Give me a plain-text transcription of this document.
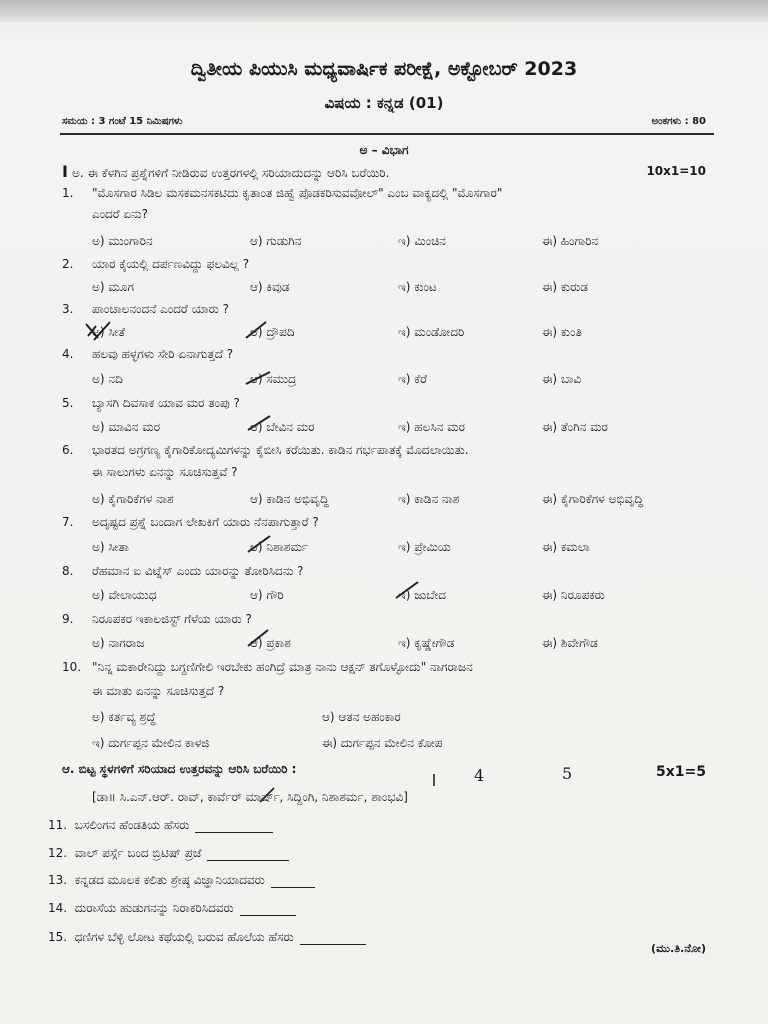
ದ್ವಿತೀಯ ಪಿಯುಸಿ ಮಧ್ಯವಾರ್ಷಿಕ ಪರೀಕ್ಷೆ, ಅಕ್ಟೋಬರ್ 2023
ವಿಷಯ : ಕನ್ನಡ (01)
ಸಮಯ : 3 ಗಂಟೆ 15 ನಿಮಿಷಗಳು	ಅಂಕಗಳು : 80
ಅ – ವಿಭಾಗ
I ಅ. ಈ ಕೆಳಗಿನ ಪ್ರಶ್ನೆಗಳಿಗೆ ನೀಡಿರುವ ಉತ್ತರಗಳಲ್ಲಿ ಸರಿಯಾದುದನ್ನು ಆರಿಸಿ ಬರೆಯಿರಿ.	10x1=10
1. "ಮೊಸಗಾರ ಸಿಡಿಲ ಮಸಕಮನಸಕಟಿದು ಕೃತಾಂತ ಜಿಹ್ವೆ ಪೊಡಕರಿಸುವವೋಲ್" ಎಂಬ ವಾಕ್ಯದಲ್ಲಿ "ಮೊಸಗಾರ"
ಎಂದರೆ ಏನು?
ಅ) ಮುಂಗಾರಿನ	ಆ) ಗುಡುಗಿನ	ಇ) ಮಿಂಚಿನ	ಈ) ಹಿಂಗಾರಿನ
2. ಯಾರ ಕೈಯಲ್ಲಿ ದರ್ಪಣವಿದ್ದು ಫಲವಿಲ್ಲ ?
ಅ) ಮೂಗ	ಆ) ಕಿವುಡ	ಇ) ಕುಂಟ	ಈ) ಕುರುಡ
3. ಪಾಂಚಾಲನಂದನೆ ಎಂದರೆ ಯಾರು ?
ಅ) ಸೀತೆ	ಆ) ದ್ರೌಪದಿ	ಇ) ಮಂಡೋದರಿ	ಈ) ಕುಂತಿ
4. ಹಲವು ಹಳ್ಳಗಳು ಸೇರಿ ಏನಾಗುತ್ತದೆ ?
ಅ) ನದಿ	ಆ) ಸಮುದ್ರ	ಇ) ಕೆರೆ	ಈ) ಬಾವಿ
5. ಬ್ಯಾಸಗಿ ದಿವಸಾಕ ಯಾವ ಮರ ತಂಪು ?
ಅ) ಮಾವಿನ ಮರ	ಆ) ಬೇವಿನ ಮರ	ಇ) ಹಲಸಿನ ಮರ	ಈ) ತೆಂಗಿನ ಮರ
6. ಭಾರತದ ಅಗ್ರಗಣ್ಯ ಕೈಗಾರಿಕೋದ್ಯಮಿಗಳನ್ನು ಕೈಬೀಸಿ ಕರೆಯಿತು. ಕಾಡಿನ ಗರ್ಭಪಾತಕ್ಕೆ ಮೊದಲಾಯಿತು.
ಈ ಸಾಲುಗಳು ಏನನ್ನು ಸೂಚಿಸುತ್ತವೆ ?
ಅ) ಕೈಗಾರಿಕೆಗಳ ನಾಶ	ಆ) ಕಾಡಿನ ಅಭಿವೃದ್ಧಿ	ಇ) ಕಾಡಿನ ನಾಶ	ಈ) ಕೈಗಾರಿಕೆಗಳ ಅಭಿವೃದ್ಧಿ
7. ಅದೃಷ್ಟದ ಪ್ರಶ್ನೆ ಬಂದಾಗ ಲೇಖಕಿಗೆ ಯಾರು ನೆನಪಾಗುತ್ತಾರೆ ?
ಅ) ಸೀತಾ	ಆ) ನಿಶಾಶರ್ಮ	ಇ) ಪ್ರೇಮಿಯ	ಈ) ಕಮಲಾ
8. ರೆಹಮಾನ ಐ ವಿಟ್ನೆಸ್ ಎಂದು ಯಾರನ್ನು ತೋರಿಸಿದನು ?
ಅ) ವೇಲಾಯುಧ	ಆ) ಗೌರಿ	ಇ) ಜುಬೇದ	ಈ) ನಿರೂಪಕರು
9. ನಿರೂಪಕರ ಇಕಾಲಜಿಸ್ಟ್ ಗೆಳೆಯ ಯಾರು ?
ಅ) ನಾಗರಾಜ	ಆ) ಪ್ರಕಾಶ	ಇ) ಕೃಷ್ಣೇಗೌಡ	ಈ) ಶಿವೇಗೌಡ
10. "ನಿನ್ನ ಮಕಾರೇನಿದ್ದು ಬಗ್ದಣಿಗೇಲಿ ಇರಬೇಕು ಹಂಗಿದ್ರೆ ಮಾತ್ರ ನಾನು ಆಕ್ಷನ್ ತಗೊಳ್ಳೋದು" ನಾಗರಾಜನ
ಈ ಮಾತು ಏನನ್ನು ಸೂಚಿಸುತ್ತದೆ ?
ಅ) ಕರ್ತವ್ಯ ಶ್ರದ್ಧೆ	ಆ) ಆತನ ಅಹಂಕಾರ
ಇ) ದುರ್ಗಪ್ಪನ ಮೇಲಿನ ಕಾಳಜಿ	ಈ) ದುರ್ಗಪ್ಪನ ಮೇಲಿನ ಕೋಪ
ಆ. ಬಿಟ್ಟ ಸ್ಥಳಗಳಿಗೆ ಸರಿಯಾದ ಉತ್ತರವನ್ನು ಆರಿಸಿ ಬರೆಯಿರಿ :	5x1=5
4	5
[ಡಾ॥ ಸಿ.ಎನ್.ಆರ್. ರಾವ್, ಕಾರ್ವೆರ್ ಮಾರ್ಷ್, ಸಿದ್ದಿಂಗಿ, ನಿಶಾಶರ್ಮ, ಶಾಂಭವಿ]
11. ಬಸಲಿಂಗನ ಹೆಂಡತಿಯ ಹೆಸರು
12. ವಾಲ್ ಪರ್ಸ್ಗೆ ಬಂದ ಬ್ರಿಟಿಷ್ ಪ್ರಜೆ
13. ಕನ್ನಡದ ಮೂಲಕ ಕಲಿತು ಶ್ರೇಷ್ಠ ವಿಜ್ಞಾನಿಯಾದವರು
14. ದುರಾಸೆಯ ಹುಡುಗನನ್ನು ನಿರಾಕರಿಸಿದವರು
15. ಧಣಿಗಳ ಬೆಳ್ಳಿ ಲೋಟ ಕಥೆಯಲ್ಲಿ ಬರುವ ಹೊಲೆಯ ಹೆಸರು
(ಮು.ತಿ.ನೋ)
